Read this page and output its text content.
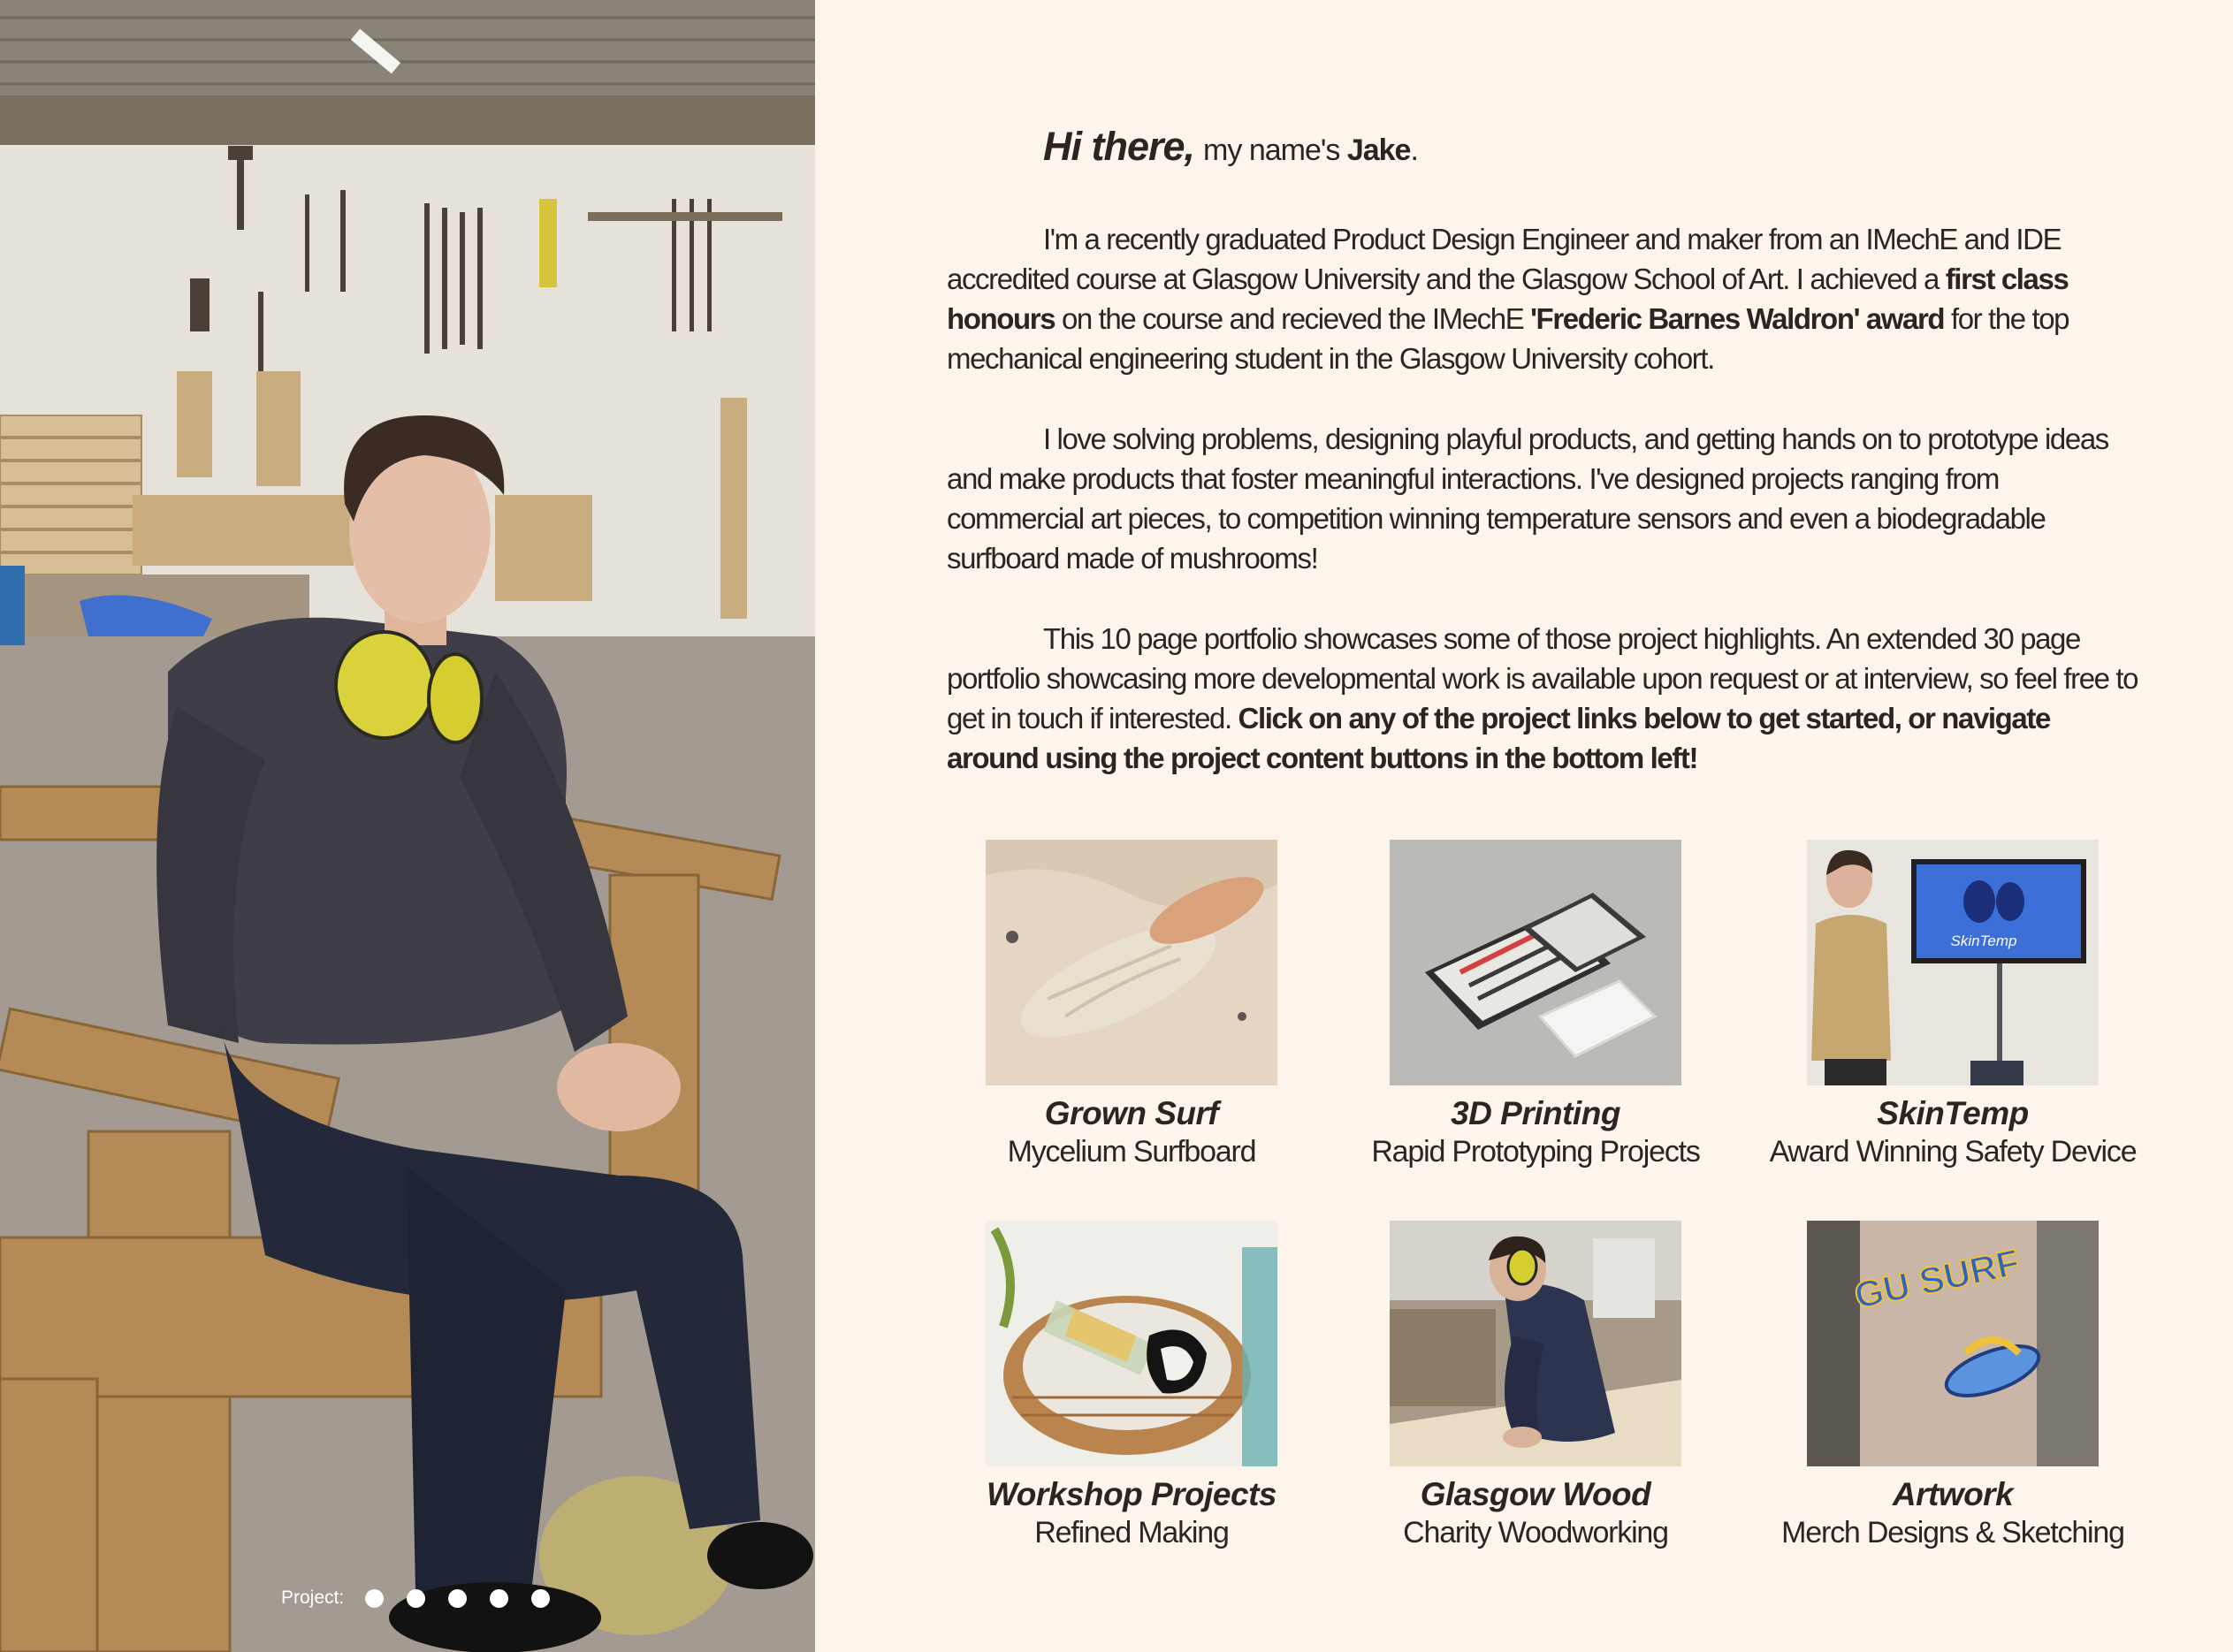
Project:
Hi there, my name's
Jake .

I'm a recently graduated Product Design Engineer and maker from an IMechE and IDE accredited course at Glasgow University and the Glasgow School of Art. I achieved a first class honours on the course and recieved the IMechE 'Frederic Barnes Waldron' award for the top mechanical engineering student in the Glasgow University cohort.

I love solving problems, designing playful products, and getting hands on to prototype ideas and make products that foster meaningful interactions. I've designed projects ranging from commercial art pieces, to competition winning temperature sensors and even a biodegradable surfboard made of mushrooms!

This 10 page portfolio showcases some of those project highlights. An extended 30 page portfolio showcasing more developmental work is available upon request or at interview, so feel free to get in touch if interested. Click on any of the project links below to get started, or navigate around using the project content buttons in the bottom left!

Grown Surf
Mycelium Surfboard
3D Printing
Rapid Prototyping Projects
SkinTemp
SkinTemp
Award Winning Safety Device
Workshop Projects
Refined Making
Glasgow Wood
Charity Woodworking
GU SURF
Artwork
Merch Designs & Sketching
